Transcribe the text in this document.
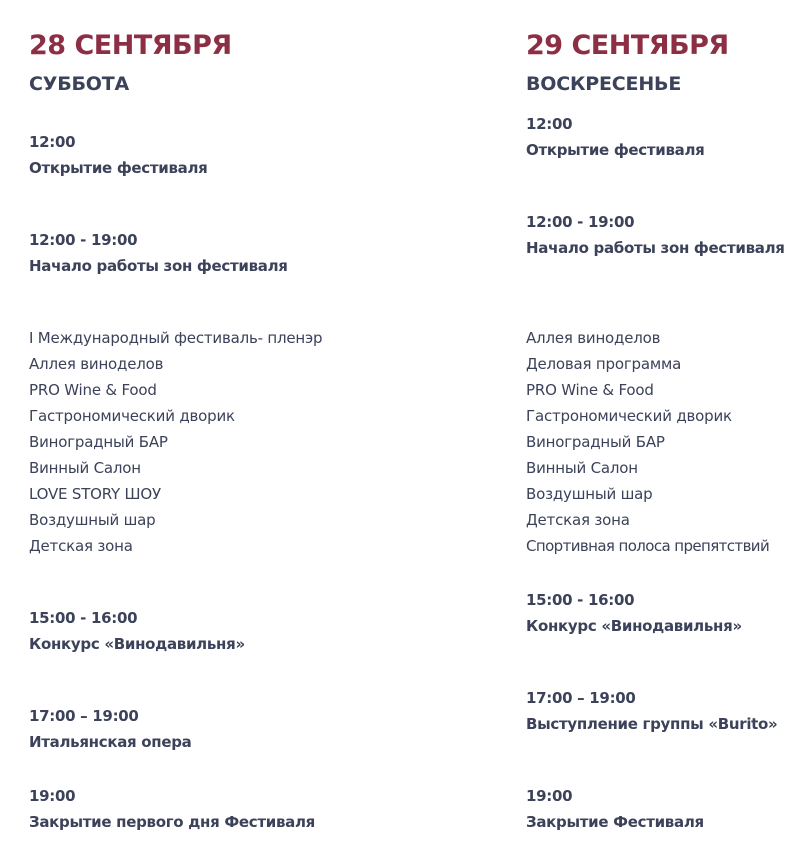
28 СЕНТЯБРЯ
СУББОТА
12:00
Открытие фестиваля
12:00 - 19:00
Начало работы зон фестиваля
I Международный фестиваль- пленэр
Аллея виноделов
PRO Wine & Food
Гастрономический дворик
Виноградный БАР
Винный Салон
LOVE STORY ШОУ
Воздушный шар
Детская зона
15:00 - 16:00
Конкурс «Винодавильня»
17:00 – 19:00
Итальянская опера
19:00
Закрытие первого дня Фестиваля
29 СЕНТЯБРЯ
ВОСКРЕСЕНЬЕ
12:00
Открытие фестиваля
12:00 - 19:00
Начало работы зон фестиваля
Аллея виноделов
Деловая программа
PRO Wine & Food
Гастрономический дворик
Виноградный БАР
Винный Салон
Воздушный шар
Детская зона
Спортивная полоса препятствий
15:00 - 16:00
Конкурс «Винодавильня»
17:00 – 19:00
Выступление группы «Burito»
19:00
Закрытие Фестиваля
